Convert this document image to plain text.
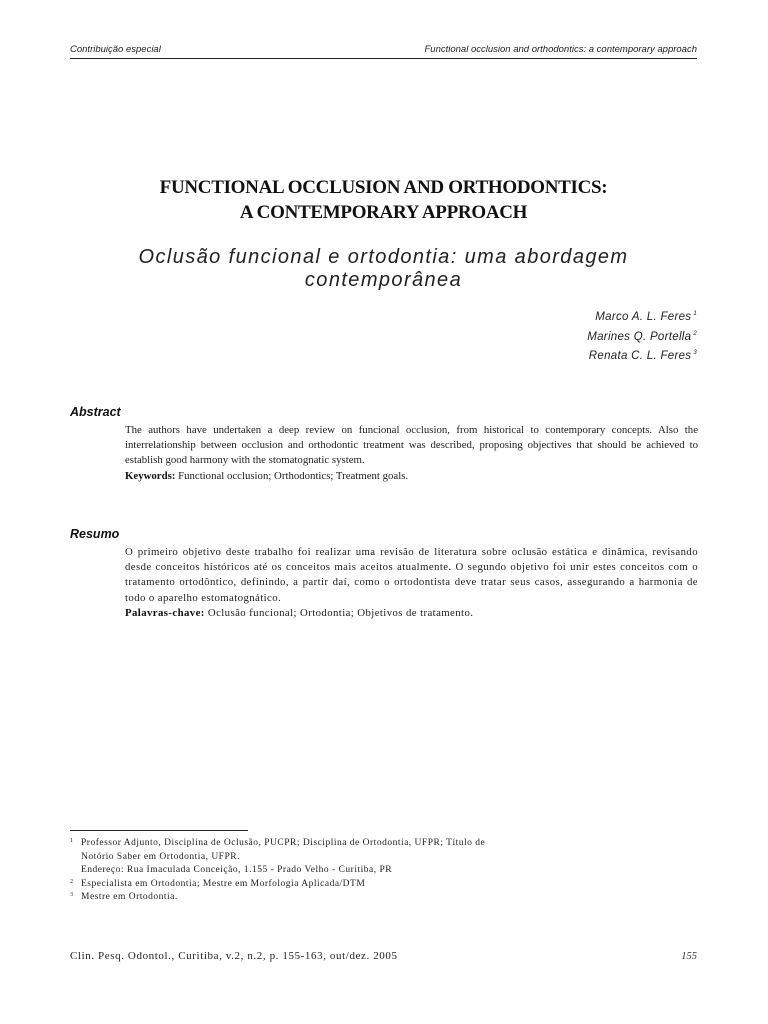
Contribuição especial	Functional occlusion and orthodontics: a contemporary approach
FUNCTIONAL OCCLUSION AND ORTHODONTICS:
A CONTEMPORARY APPROACH
Oclusão funcional e ortodontia: uma abordagem contemporânea
Marco A. L. Feres $^1$
Marines Q. Portella $^2$
Renata C. L. Feres $^3$
Abstract
The authors have undertaken a deep review on funcional occlusion, from historical to contemporary concepts. Also the interrelationship between occlusion and orthodontic treatment was described, proposing objectives that should be achieved to establish good harmony with the stomatognatic system.
Keywords: Functional occlusion; Orthodontics; Treatment goals.
Resumo
O primeiro objetivo deste trabalho foi realizar uma revisão de literatura sobre oclusão estática e dinâmica, revisando desde conceitos históricos até os conceitos mais aceitos atualmente. O segundo objetivo foi unir estes conceitos com o tratamento ortodôntico, definindo, a partir daí, como o ortodontista deve tratar seus casos, assegurando a harmonia de todo o aparelho estomatognático.
Palavras-chave: Oclusão funcional; Ortodontia; Objetivos de tratamento.
1 Professor Adjunto, Disciplina de Oclusão, PUCPR; Disciplina de Ortodontia, UFPR; Título de
Notório Saber em Ortodontia, UFPR.
Endereço: Rua Imaculada Conceição, 1.155 - Prado Velho - Curitiba, PR
2 Especialista em Ortodontia; Mestre em Morfologia Aplicada/DTM
3 Mestre em Ortodontia.
Clin. Pesq. Odontol., Curitiba, v.2, n.2, p. 155-163, out/dez. 2005	155
